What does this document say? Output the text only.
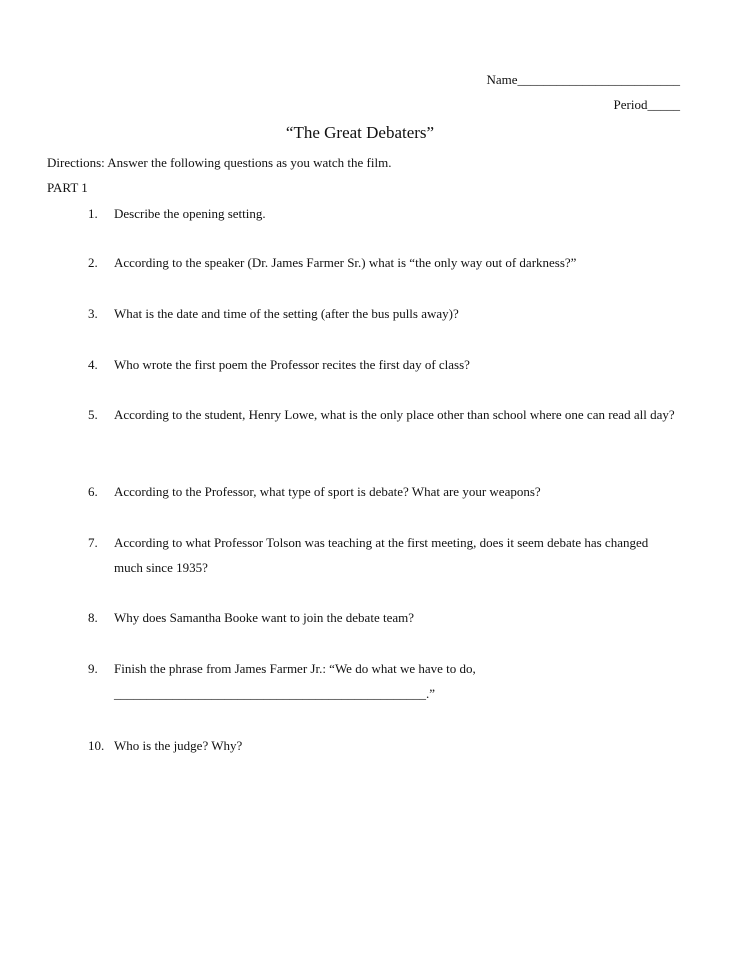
Name_________________________
Period_____
“The Great Debaters”
Directions: Answer the following questions as you watch the film.
PART 1
1.	Describe the opening setting.
2.	According to the speaker (Dr. James Farmer Sr.) what is “the only way out of darkness?”
3.	What is the date and time of the setting (after the bus pulls away)?
4.	Who wrote the first poem the Professor recites the first day of class?
5.	According to the student, Henry Lowe, what is the only place other than school where one can read all day?
6.	According to the Professor, what type of sport is debate? What are your weapons?
7.	According to what Professor Tolson was teaching at the first meeting, does it seem debate has changed much since 1935?
8.	Why does Samantha Booke want to join the debate team?
9.	Finish the phrase from James Farmer Jr.: “We do what we have to do, ________________________________________________.”
10. Who is the judge? Why?
